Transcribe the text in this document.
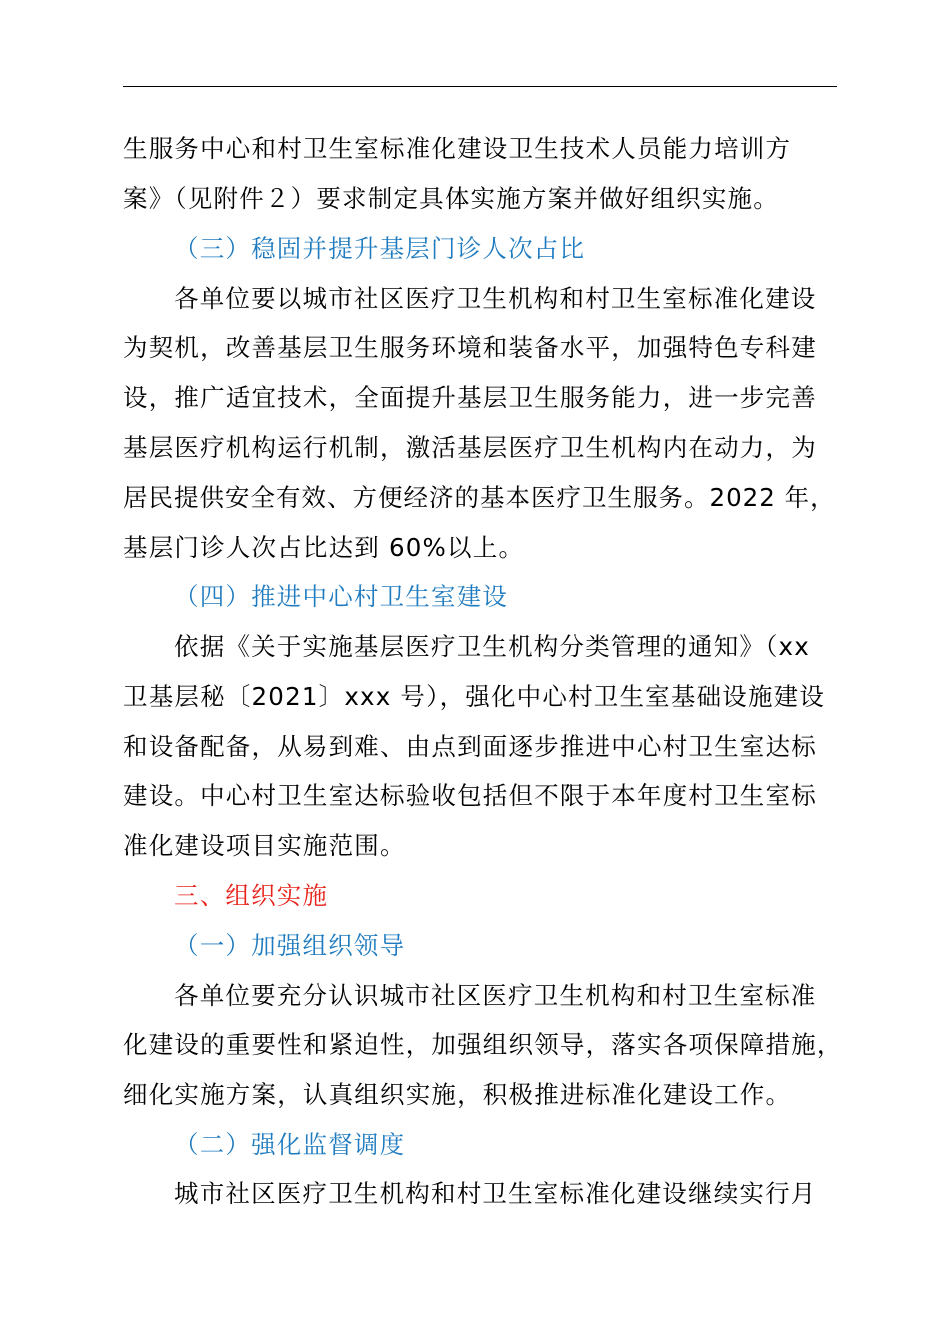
生服务中心和村卫生室标准化建设卫生技术人员能力培训方
案》（见附件２）要求制定具体实施方案并做好组织实施。
（三）稳固并提升基层门诊人次占比
各单位要以城市社区医疗卫生机构和村卫生室标准化建设
为契机，改善基层卫生服务环境和装备水平，加强特色专科建
设，推广适宜技术，全面提升基层卫生服务能力，进一步完善
基层医疗机构运行机制，激活基层医疗卫生机构内在动力，为
居民提供安全有效、方便经济的基本医疗卫生服务。2022 年，
基层门诊人次占比达到 60%以上。
（四）推进中心村卫生室建设
依据《关于实施基层医疗卫生机构分类管理的通知》（xx
卫基层秘〔2021〕xxx 号），强化中心村卫生室基础设施建设
和设备配备，从易到难、由点到面逐步推进中心村卫生室达标
建设。中心村卫生室达标验收包括但不限于本年度村卫生室标
准化建设项目实施范围。
三、组织实施
（一）加强组织领导
各单位要充分认识城市社区医疗卫生机构和村卫生室标准
化建设的重要性和紧迫性，加强组织领导，落实各项保障措施，
细化实施方案，认真组织实施，积极推进标准化建设工作。
（二）强化监督调度
城市社区医疗卫生机构和村卫生室标准化建设继续实行月
